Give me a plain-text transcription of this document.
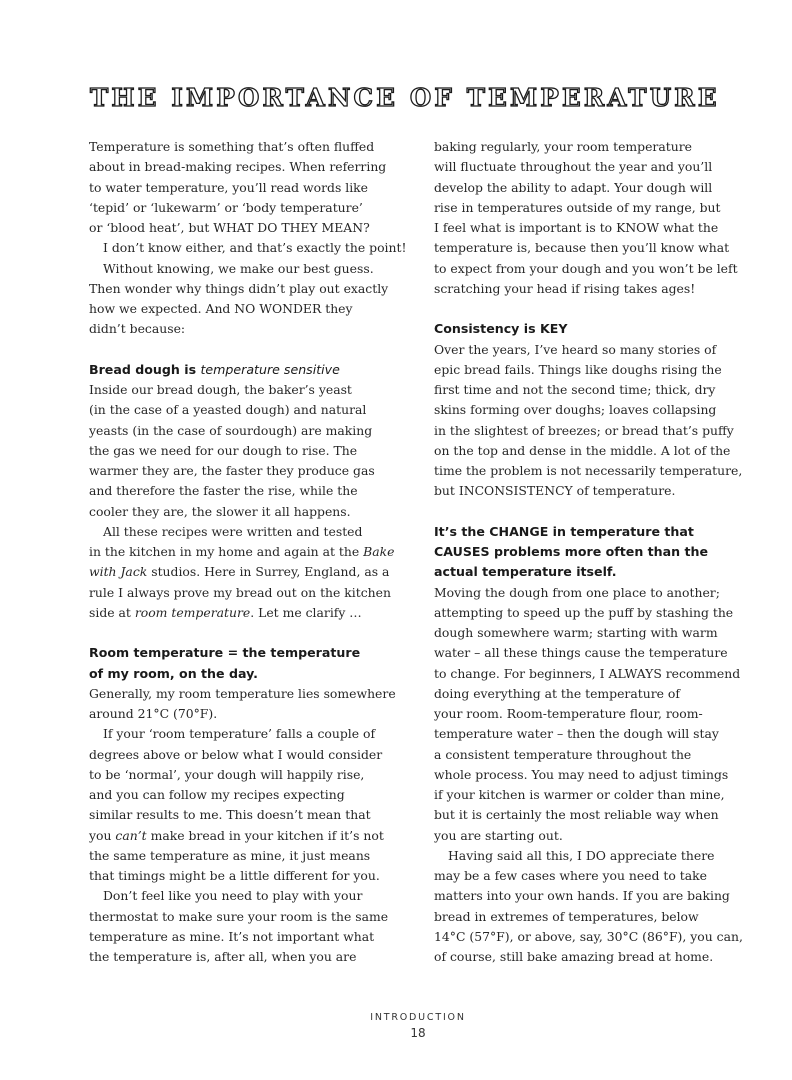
THE IMPORTANCE OF TEMPERATURE
Temperature is something that’s often fluffed
about in bread-making recipes. When referring
to water temperature, you’ll read words like
‘tepid’ or ‘lukewarm’ or ‘body temperature’
or ‘blood heat’, but WHAT DO THEY MEAN?
I don’t know either, and that’s exactly the point!
Without knowing, we make our best guess.
Then wonder why things didn’t play out exactly
how we expected. And NO WONDER they
didn’t because:
Bread dough is temperature sensitive
Inside our bread dough, the baker’s yeast
(in the case of a yeasted dough) and natural
yeasts (in the case of sourdough) are making
the gas we need for our dough to rise. The
warmer they are, the faster they produce gas
and therefore the faster the rise, while the
cooler they are, the slower it all happens.
All these recipes were written and tested
in the kitchen in my home and again at the Bake
with Jack studios. Here in Surrey, England, as a
rule I always prove my bread out on the kitchen
side at room temperature. Let me clarify …
Room temperature = the temperature
of my room, on the day.
Generally, my room temperature lies somewhere
around 21°C (70°F).
If your ‘room temperature’ falls a couple of
degrees above or below what I would consider
to be ‘normal’, your dough will happily rise,
and you can follow my recipes expecting
similar results to me. This doesn’t mean that
you can’t make bread in your kitchen if it’s not
the same temperature as mine, it just means
that timings might be a little different for you.
Don’t feel like you need to play with your
thermostat to make sure your room is the same
temperature as mine. It’s not important what
the temperature is, after all, when you are
baking regularly, your room temperature
will fluctuate throughout the year and you’ll
develop the ability to adapt. Your dough will
rise in temperatures outside of my range, but
I feel what is important is to KNOW what the
temperature is, because then you’ll know what
to expect from your dough and you won’t be left
scratching your head if rising takes ages!
Consistency is KEY
Over the years, I’ve heard so many stories of
epic bread fails. Things like doughs rising the
first time and not the second time; thick, dry
skins forming over doughs; loaves collapsing
in the slightest of breezes; or bread that’s puffy
on the top and dense in the middle. A lot of the
time the problem is not necessarily temperature,
but INCONSISTENCY of temperature.
It’s the CHANGE in temperature that
CAUSES problems more often than the
actual temperature itself.
Moving the dough from one place to another;
attempting to speed up the puff by stashing the
dough somewhere warm; starting with warm
water – all these things cause the temperature
to change. For beginners, I ALWAYS recommend
doing everything at the temperature of
your room. Room-temperature flour, room-
temperature water – then the dough will stay
a consistent temperature throughout the
whole process. You may need to adjust timings
if your kitchen is warmer or colder than mine,
but it is certainly the most reliable way when
you are starting out.
Having said all this, I DO appreciate there
may be a few cases where you need to take
matters into your own hands. If you are baking
bread in extremes of temperatures, below
14°C (57°F), or above, say, 30°C (86°F), you can,
of course, still bake amazing bread at home.
INTRODUCTION
18
